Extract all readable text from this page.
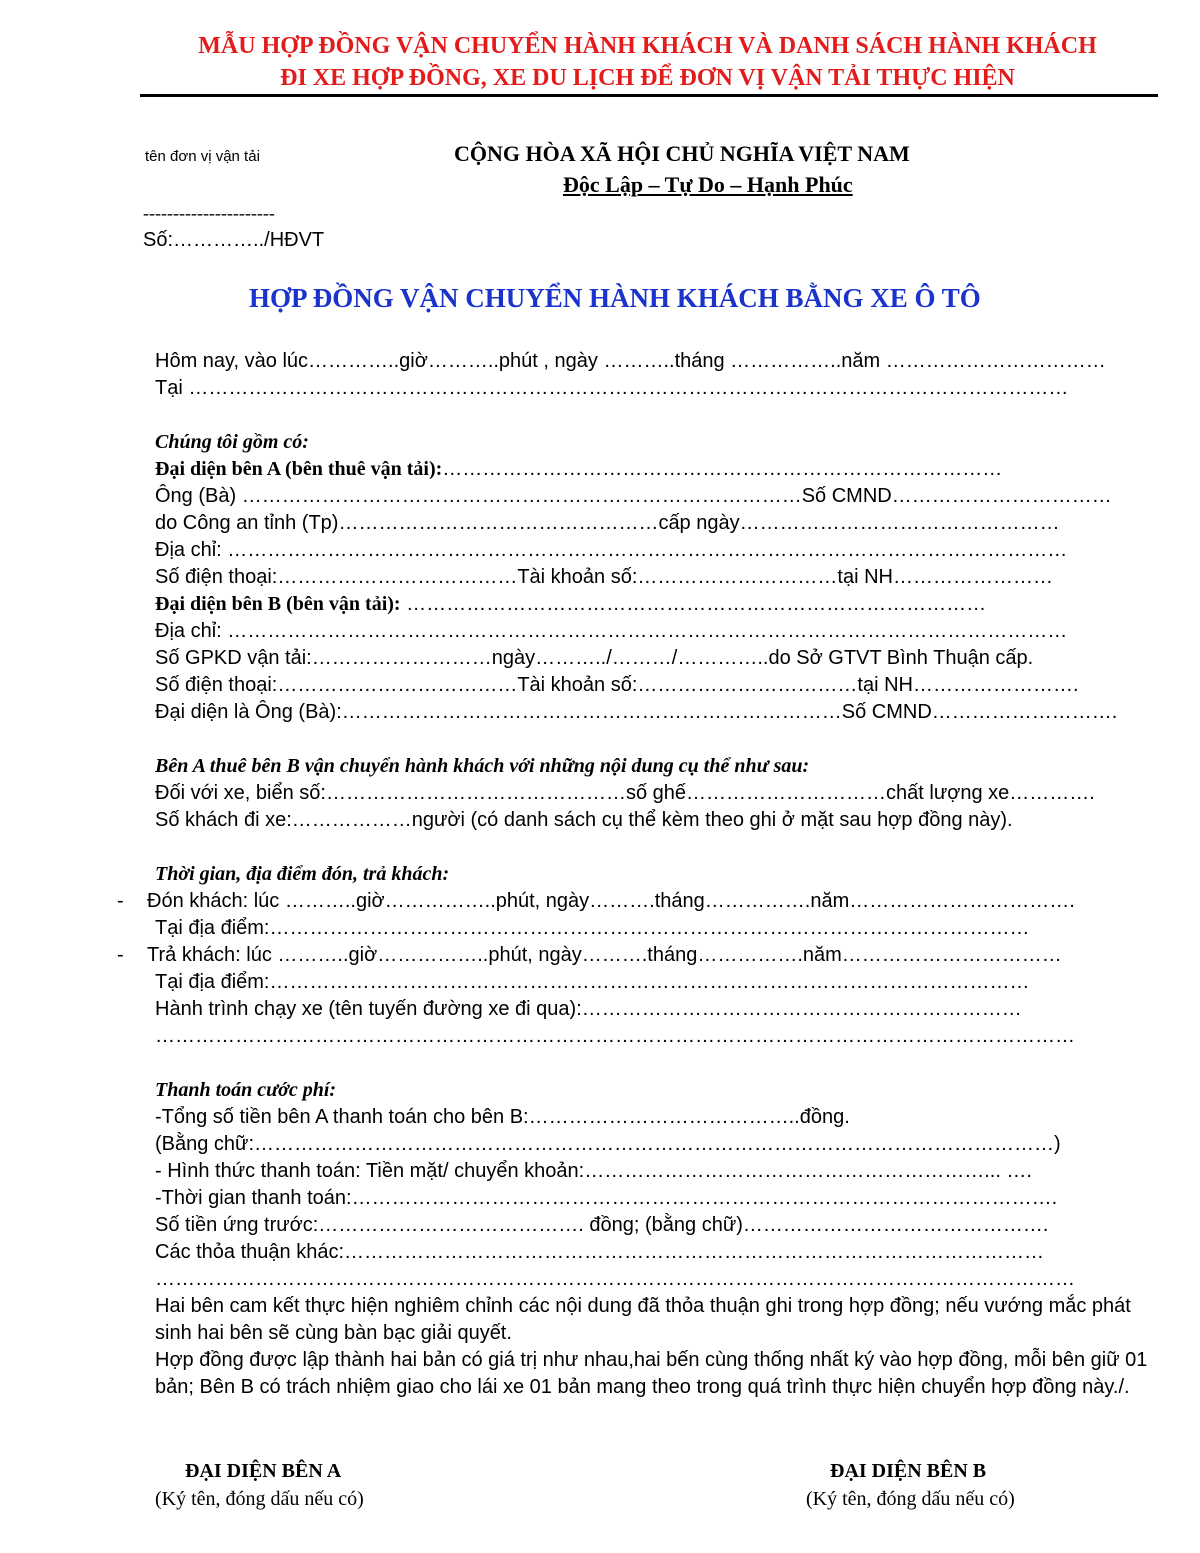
MẪU HỢP ĐỒNG VẬN CHUYỂN HÀNH KHÁCH VÀ DANH SÁCH HÀNH KHÁCH
ĐI XE HỢP ĐỒNG, XE DU LỊCH ĐỂ ĐƠN VỊ VẬN TẢI THỰC HIỆN
tên đơn vị vận tải	CỘNG HÒA XÃ HỘI CHỦ NGHĨA VIỆT NAM
Độc Lập – Tự Do – Hạnh Phúc
----------------------
Số:…………../HĐVT
HỢP ĐỒNG VẬN CHUYỂN HÀNH KHÁCH BẰNG XE Ô TÔ
Hôm nay, vào lúc…………..giờ………..phút , ngày ………..tháng ……………..năm ……………………………
Tại ……………………………………………………………………………………………………………………
Chúng tôi gồm có:
Đại diện bên A (bên thuê vận tải):…………………………………………………………………………
Ông (Bà) …………………………………………………………………………Số CMND……………………………
do Công an tỉnh (Tp)…………………………………………cấp ngày…………………………………………
Địa chỉ: ………………………………………………………………………………………………………………
Số điện thoại:………………………………Tài khoản số:…………………………tại NH……………………
Đại diện bên B (bên vận tải): ……………………………………………………………………………
Địa chỉ: ………………………………………………………………………………………………………………
Số GPKD vận tải:………………………ngày………../………/…………..do Sở GTVT Bình Thuận cấp.
Số điện thoại:………………………………Tài khoản số:……………………………tại NH…………………….
Đại diện là Ông (Bà):…………………………………………………………………Số CMND……………………….
Bên A thuê bên B vận chuyển hành khách với những nội dung cụ thể như sau:
Đối với xe, biển số:………………………………………số ghế…………………………chất lượng xe………….
Số khách đi xe:………………người (có danh sách cụ thể kèm theo ghi ở mặt sau hợp đồng này).
Thời gian, địa điểm đón, trả khách:
- Đón khách: lúc ………..giờ……………..phút, ngày……….tháng…………….năm…………………………….
Tại địa điểm:……………………………………………………………………………………………………
- Trả khách: lúc ………..giờ……………..phút, ngày……….tháng…………….năm……………………………
Tại địa điểm:……………………………………………………………………………………………………
Hành trình chạy xe (tên tuyến đường xe đi qua):…………………………………………………………
…………………………………………………………………………………………………………………………
Thanh toán cước phí:
-Tổng số tiền bên A thanh toán cho bên B:…………………………………..đồng.
(Bằng chữ:…………………………………………………………………………………………………………)
- Hình thức thanh toán: Tiền mặt/ chuyển khoản:……………………………………………………... ….
-Thời gian thanh toán:…………………………………………………………………………………………….
Số tiền ứng trước:…………………………………. đồng; (bằng chữ)……………………………………….
Các thỏa thuận khác:……………………………………………………………………………………………
…………………………………………………………………………………………………………………………
Hai bên cam kết thực hiện nghiêm chỉnh các nội dung đã thỏa thuận ghi trong hợp đồng; nếu vướng mắc phát sinh hai bên sẽ cùng bàn bạc giải quyết.
Hợp đồng được lập thành hai bản có giá trị như nhau,hai bến cùng thống nhất ký vào hợp đồng, mỗi bên giữ 01 bản; Bên B có trách nhiệm giao cho lái xe 01 bản mang theo trong quá trình thực hiện chuyển hợp đồng này./.
ĐẠI DIỆN BÊN A
(Ký tên, đóng dấu nếu có)
ĐẠI DIỆN BÊN B
(Ký tên, đóng dấu nếu có)
